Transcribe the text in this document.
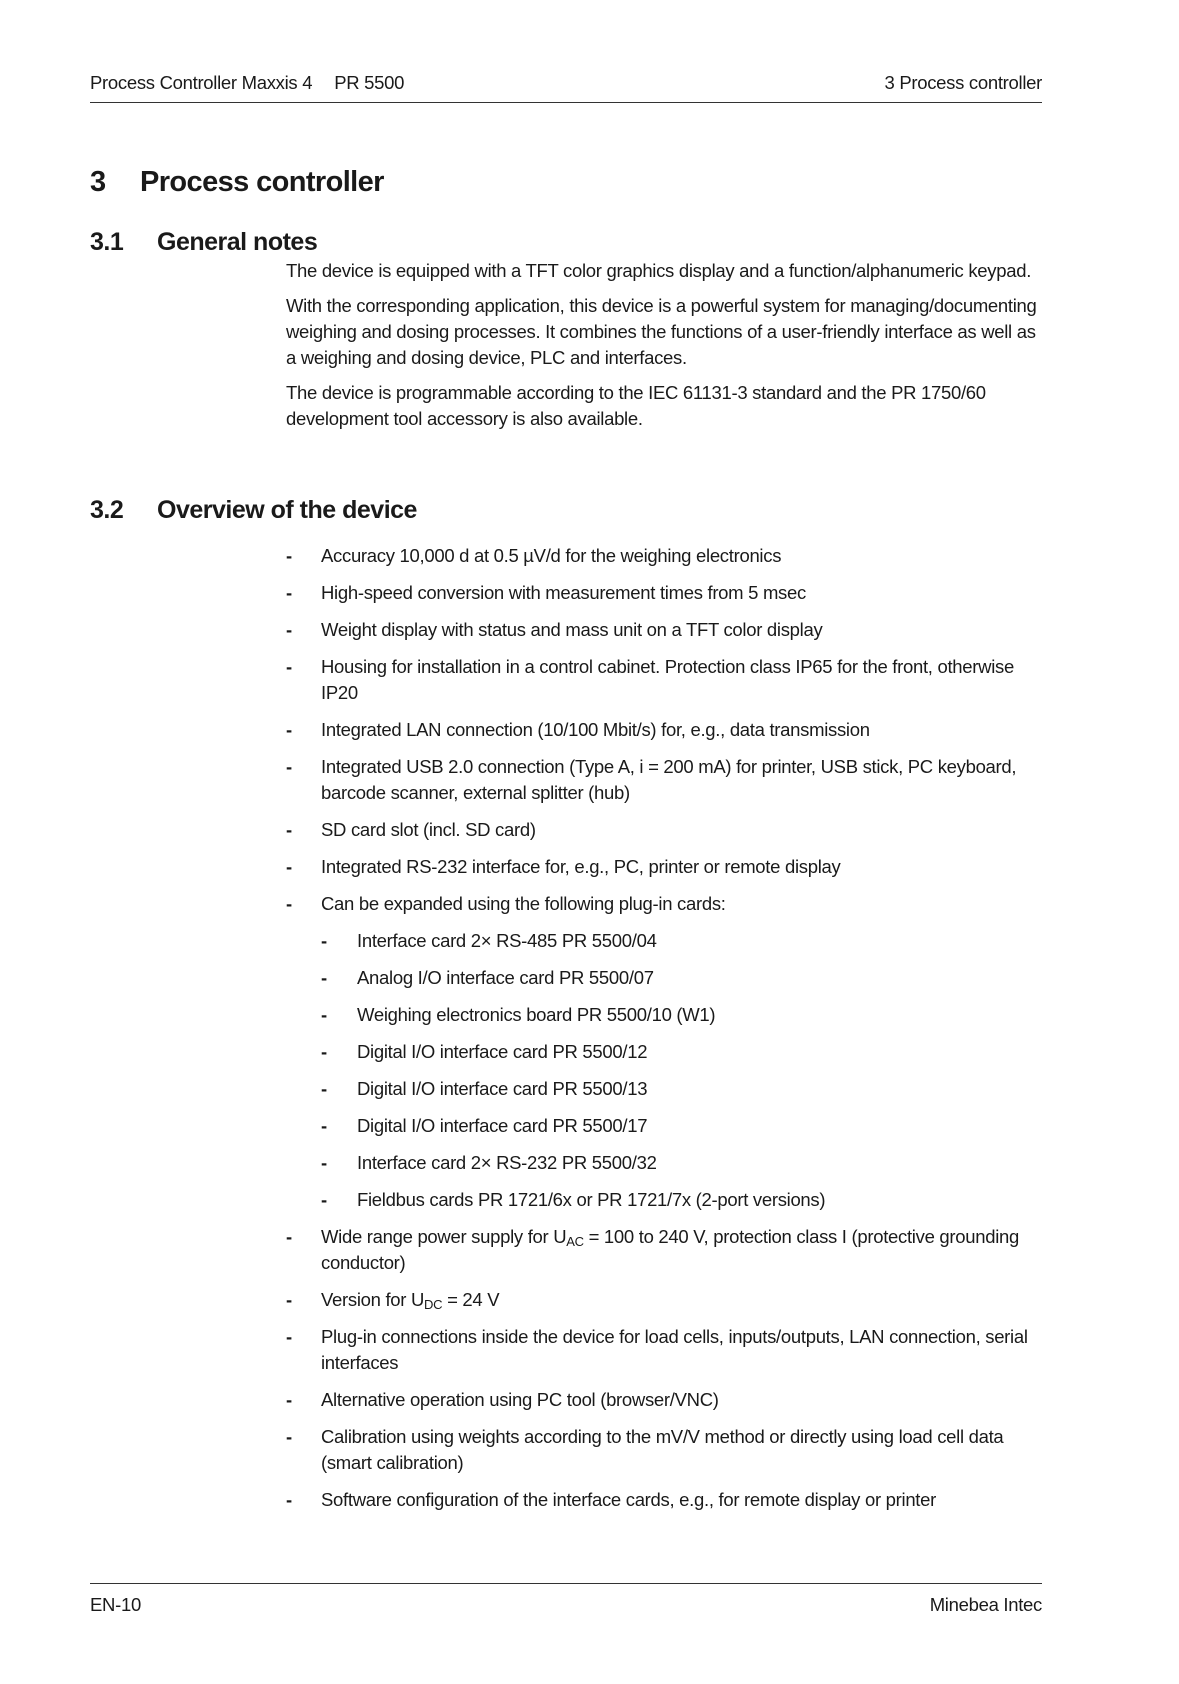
Process Controller Maxxis 4 PR 5500	3 Process controller
3 Process controller
3.1 General notes

The device is equipped with a TFT color graphics display and a function/alphanumeric keypad.

With the corresponding application, this device is a powerful system for managing/documenting weighing and dosing processes. It combines the functions of a user-friendly interface as well as a weighing and dosing device, PLC and interfaces.

The device is programmable according to the IEC 61131-3 standard and the PR 1750/60 development tool accessory is also available.

3.2 Overview of the device
- Accuracy 10,000 d at 0.5 µV/d for the weighing electronics
- High-speed conversion with measurement times from 5 msec
- Weight display with status and mass unit on a TFT color display
- Housing for installation in a control cabinet. Protection class IP65 for the front, otherwise IP20
- Integrated LAN connection (10/100 Mbit/s) for, e.g., data transmission
- Integrated USB 2.0 connection (Type A, i = 200 mA) for printer, USB stick, PC keyboard, barcode scanner, external splitter (hub)
- SD card slot (incl. SD card)
- Integrated RS-232 interface for, e.g., PC, printer or remote display
- Can be expanded using the following plug-in cards:
- Interface card 2× RS-485 PR 5500/04
- Analog I/O interface card PR 5500/07
- Weighing electronics board PR 5500/10 (W1)
- Digital I/O interface card PR 5500/12
- Digital I/O interface card PR 5500/13
- Digital I/O interface card PR 5500/17
- Interface card 2× RS-232 PR 5500/32
- Fieldbus cards PR 1721/6x or PR 1721/7x (2-port versions)
- Wide range power supply for $U_{AC} = 100$ to 240 V, protection class I (protective grounding conductor)
- Version for $U_{DC} = 24$ V
- Plug-in connections inside the device for load cells, inputs/outputs, LAN connection, serial interfaces
- Alternative operation using PC tool (browser/VNC)
- Calibration using weights according to the mV/V method or directly using load cell data (smart calibration)
- Software configuration of the interface cards, e.g., for remote display or printer
EN-10	Minebea Intec
